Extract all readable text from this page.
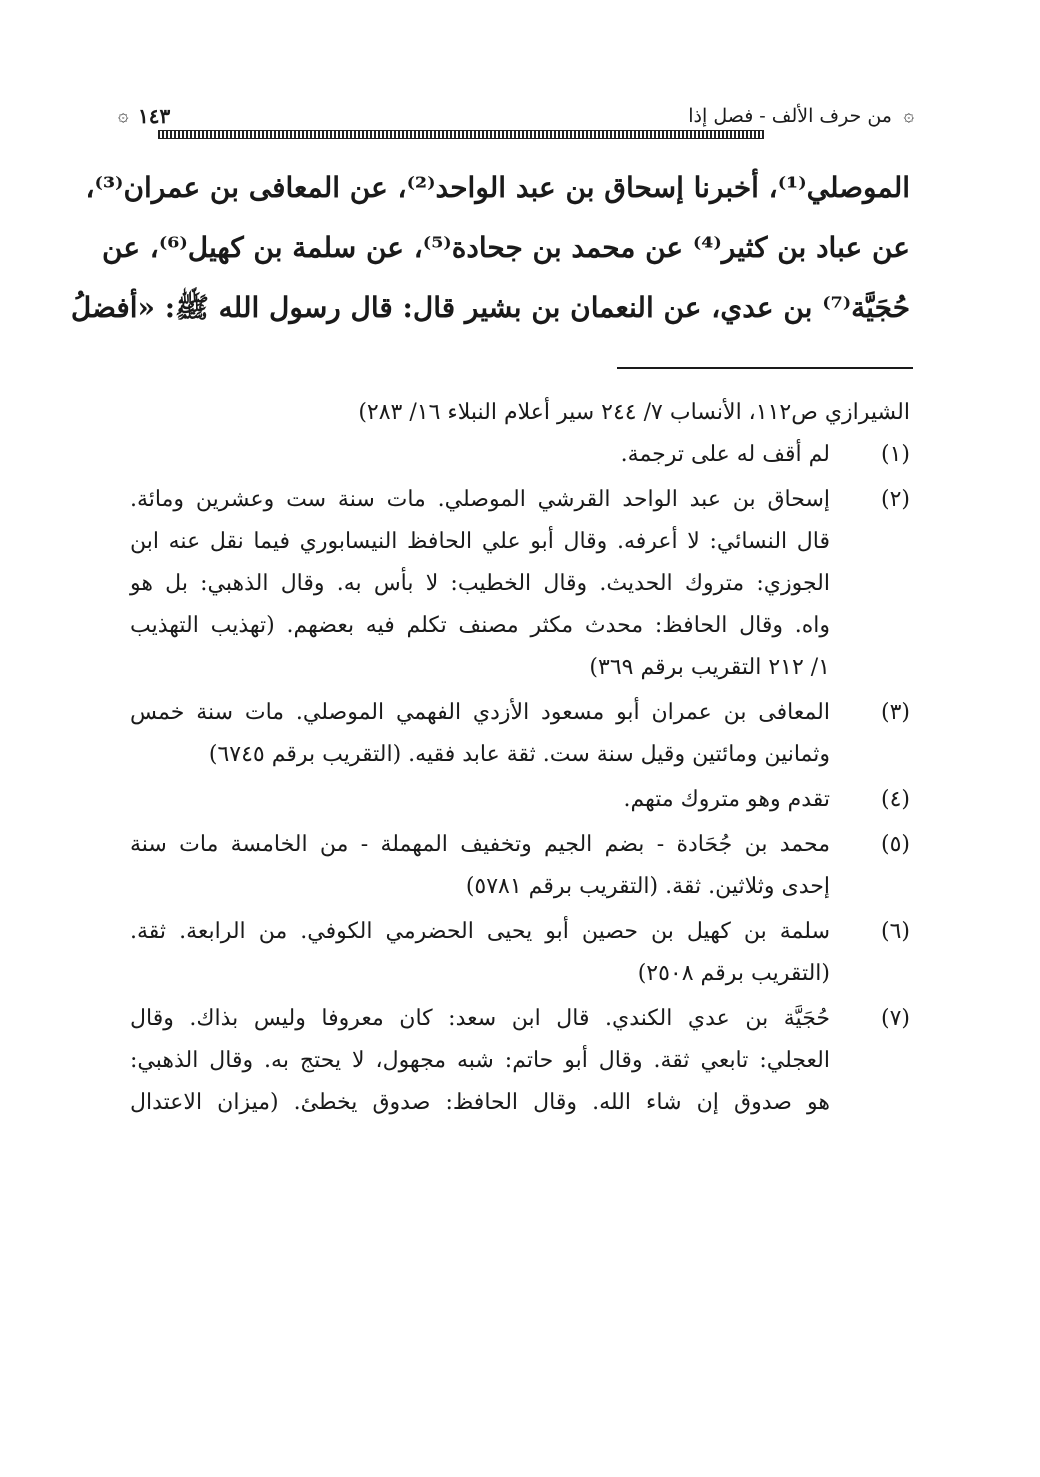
۞
من حرف الألف - فصل إذا
١٤٣
۞
الموصلي⁽¹⁾، أخبرنا إسحاق بن عبد الواحد⁽²⁾، عن المعافى بن عمران⁽³⁾،
عن عباد بن كثير⁽⁴⁾ عن محمد بن جحادة⁽⁵⁾، عن سلمة بن كهيل⁽⁶⁾، عن
حُجَيَّة⁽⁷⁾ بن عدي، عن النعمان بن بشير قال: قال رسول الله ﷺ: «أفضلُ
الشيرازي ص١١٢، الأنساب ٧/ ٢٤٤ سير أعلام النبلاء ١٦/ ٢٨٣)
(١)
لم أقف له على ترجمة.
(٢)
إسحاق بن عبد الواحد القرشي الموصلي. مات سنة ست وعشرين ومائة.
قال النسائي: لا أعرفه. وقال أبو علي الحافظ النيسابوري فيما نقل عنه ابن
الجوزي: متروك الحديث. وقال الخطيب: لا بأس به. وقال الذهبي: بل هو
واه. وقال الحافظ: محدث مكثر مصنف تكلم فيه بعضهم. (تهذيب التهذيب
١/ ٢١٢ التقريب برقم ٣٦٩)
(٣)
المعافى بن عمران أبو مسعود الأزدي الفهمي الموصلي. مات سنة خمس
وثمانين ومائتين وقيل سنة ست. ثقة عابد فقيه. (التقريب برقم ٦٧٤٥)
(٤)
تقدم وهو متروك متهم.
(٥)
محمد بن جُحَادة - بضم الجيم وتخفيف المهملة - من الخامسة مات سنة
إحدى وثلاثين. ثقة. (التقريب برقم ٥٧٨١)
(٦)
سلمة بن كهيل بن حصين أبو يحيى الحضرمي الكوفي. من الرابعة. ثقة.
(التقريب برقم ٢٥٠٨)
(٧)
حُجَيَّة بن عدي الكندي. قال ابن سعد: كان معروفا وليس بذاك. وقال
العجلي: تابعي ثقة. وقال أبو حاتم: شبه مجهول، لا يحتج به. وقال الذهبي:
هو صدوق إن شاء الله. وقال الحافظ: صدوق يخطئ. (ميزان الاعتدال
